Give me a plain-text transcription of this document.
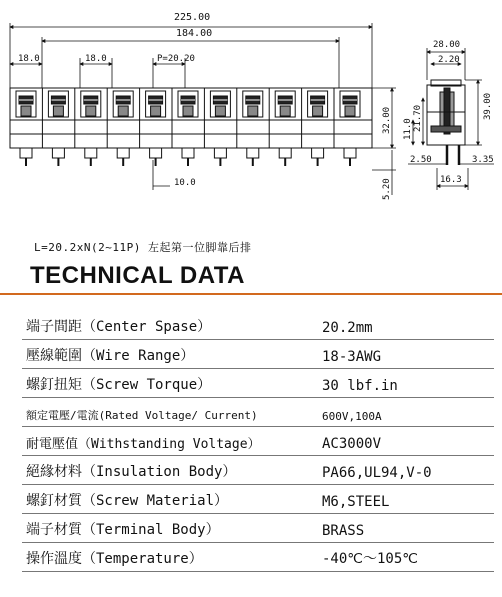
225.00
184.00
18.0	18.0	P=20.20
10.0
32.00
5.20
28.00
2.20
39.00
21.70
11.0
2.50
16.3
3.35
L=20.2xN(2~11P) 左起第一位脚靠后排
TECHNICAL DATA
端子間距（Center Spase）	20.2mm
壓線範圍（Wire Range）	18-3AWG
螺釘扭矩（Screw Torque）	30 lbf.in
額定電壓/電流(Rated Voltage/ Current)	600V,100A
耐電壓值（Withstanding Voltage）	AC3000V
絕緣材料（Insulation Body）	PA66,UL94,V-0
螺釘材質（Screw Material）	M6,STEEL
端子材質（Terminal Body）	BRASS
操作溫度（Temperature）	-40℃～105℃
